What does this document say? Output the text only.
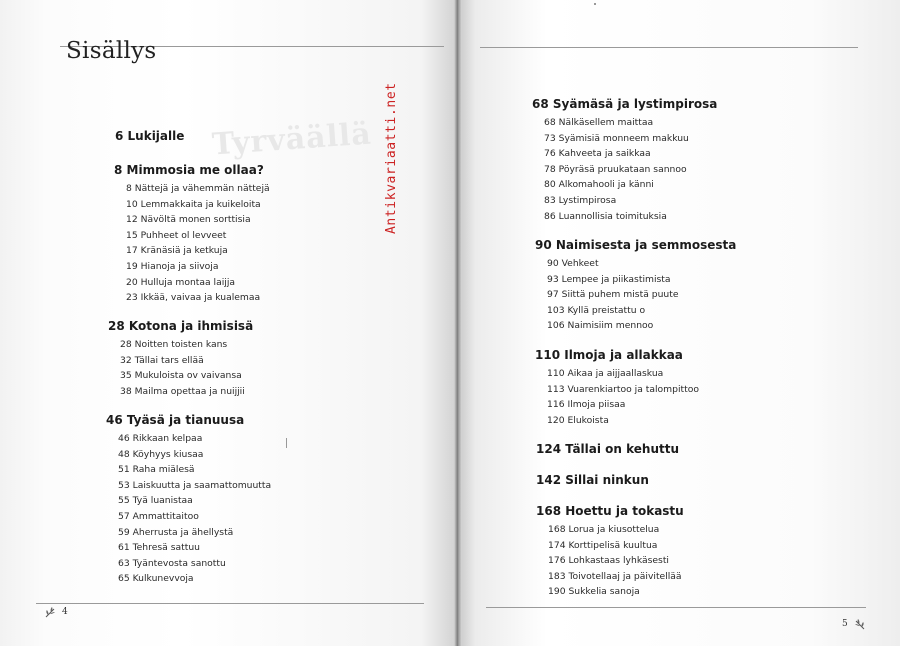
Tyrväällä
Sisällys
6 Lukijalle
8 Mimmosia me ollaa?
8 Nättejä ja vähemmän nättejä
10 Lemmakkaita ja kuikeloita
12 Nävöltä monen sorttisia
15 Puhheet ol levveet
17 Kränäsiä ja ketkuja
19 Hianoja ja siivoja
20 Hulluja montaa laijja
23 Ikkää, vaivaa ja kualemaa
28 Kotona ja ihmisisä
28 Noitten toisten kans
32 Tällai tars ellää
35 Mukuloista ov vaivansa
38 Mailma opettaa ja nuijjii
46 Tyäsä ja tianuusa
46 Rikkaan kelpaa
48 Köyhyys kiusaa
51 Raha miälesä
53 Laiskuutta ja saamattomuutta
55 Tyä luanistaa
57 Ammattitaitoo
59 Aherrusta ja ähellystä
61 Tehresä sattuu
63 Tyäntevosta sanottu
65 Kulkunevvoja
68 Syämäsä ja lystimpirosa
68 Nälkäsellem maittaa
73 Syämisiä monneem makkuu
76 Kahveeta ja saikkaa
78 Pöyräsä pruukataan sannoo
80 Alkomahooli ja känni
83 Lystimpirosa
86 Luannollisia toimituksia
90 Naimisesta ja semmosesta
90 Vehkeet
93 Lempee ja piikastimista
97 Siittä puhem mistä puute
103 Kyllä preistattu o
106 Naimisiim mennoo
110 Ilmoja ja allakkaa
110 Aikaa ja aijjaallaskua
113 Vuarenkiartoo ja talompittoo
116 Ilmoja piisaa
120 Elukoista
124 Tällai on kehuttu
142 Sillai ninkun
168 Hoettu ja tokastu
168 Lorua ja kiusottelua
174 Korttipelisä kuultua
176 Lohkastaas lyhkäsesti
183 Toivotellaaj ja päivitellää
190 Sukkelia sanoja
Antikvariaatti.net
4
5
